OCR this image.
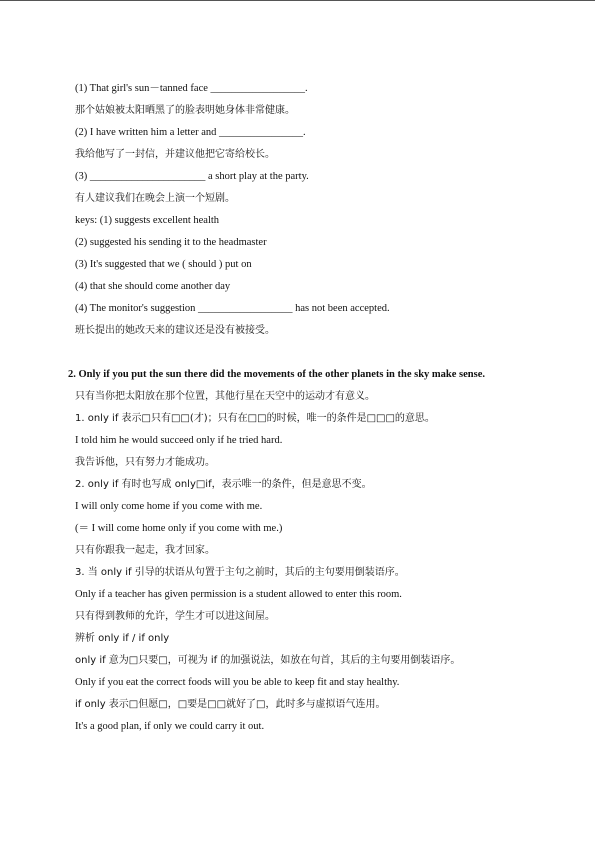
(1) That girl's sun－tanned face __________________.
那个姑娘被太阳晒黑了的脸表明她身体非常健康。
(2) I have written him a letter and ________________.
我给他写了一封信，并建议他把它寄给校长。
(3) ______________________ a short play at the party.
有人建议我们在晚会上演一个短剧。
keys: (1) suggests excellent health
(2) suggested his sending it to the headmaster
(3) It's suggested that we ( should ) put on
(4) that she should come another day
(4) The monitor's suggestion __________________ has not been accepted.
班长提出的她改天来的建议还是没有被接受。
2. Only if you put the sun there did the movements of the other planets in the sky make sense.
只有当你把太阳放在那个位置，其他行星在天空中的运动才有意义。
1. only if 表示□只有□□(才)；只有在□□的时候，唯一的条件是□□□的意思。
I told him he would succeed only if he tried hard.
我告诉他，只有努力才能成功。
2. only if 有时也写成 only□if，表示唯一的条件，但是意思不变。
I will only come home if you come with me.
(＝ I will come home only if you come with me.)
只有你跟我一起走，我才回家。
3. 当 only if 引导的状语从句置于主句之前时，其后的主句要用倒装语序。
Only if a teacher has given permission is a student allowed to enter this room.
只有得到教师的允许，学生才可以进这间屋。
辨析 only if / if only
only if 意为□只要□，可视为 if 的加强说法，如放在句首，其后的主句要用倒装语序。
Only if you eat the correct foods will you be able to keep fit and stay healthy.
if only 表示□但愿□，□要是□□就好了□，此时多与虚拟语气连用。
It's a good plan, if only we could carry it out.
